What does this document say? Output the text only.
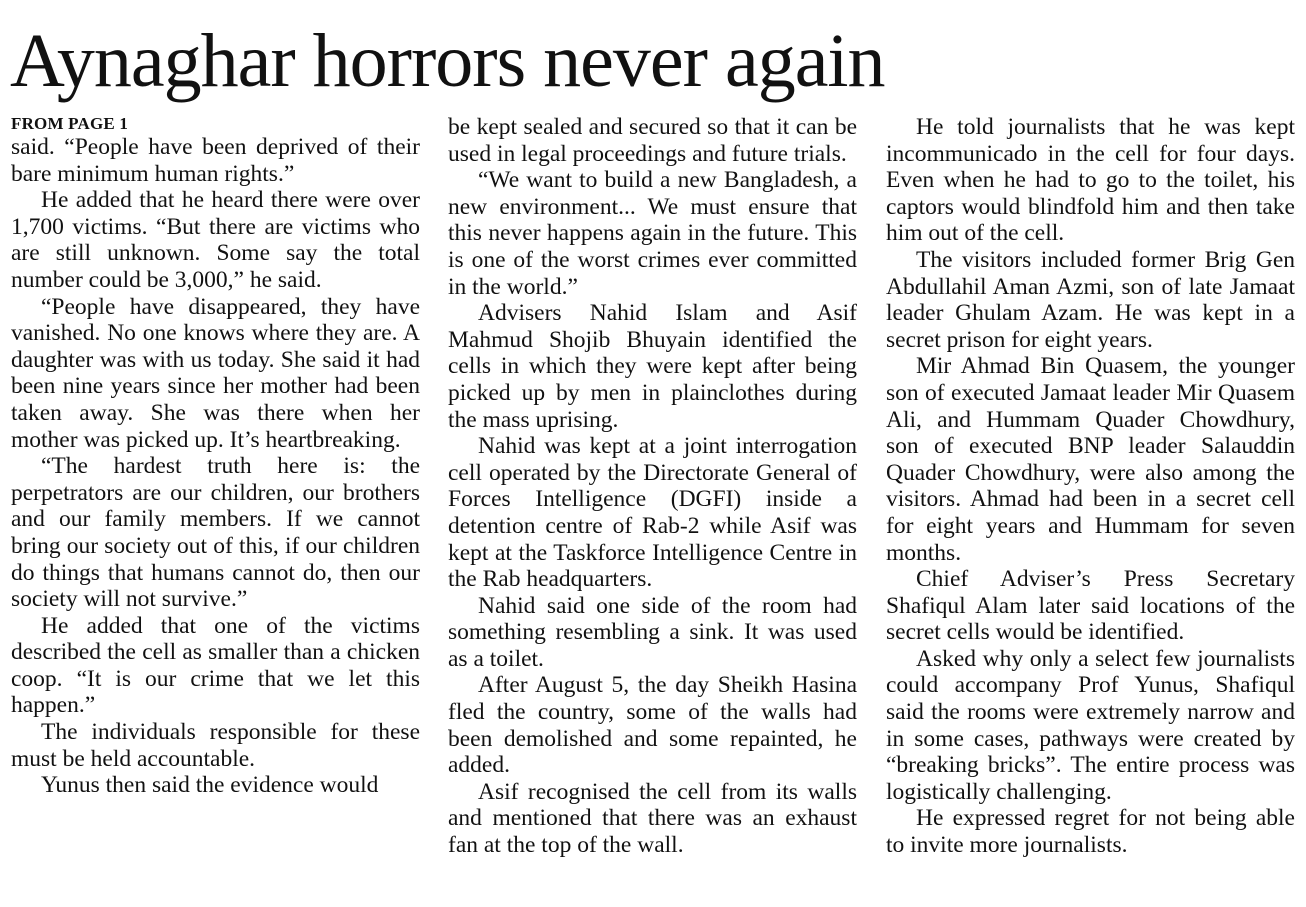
Aynaghar horrors never again
FROM PAGE 1

said. “People have been deprived of their bare minimum human rights.”

He added that he heard there were over 1,700 victims. “But there are victims who are still unknown. Some say the total number could be 3,000,” he said.

“People have disappeared, they have vanished. No one knows where they are. A daughter was with us today. She said it had been nine years since her mother had been taken away. She was there when her mother was picked up. It’s heartbreaking.

“The hardest truth here is: the perpetrators are our children, our brothers and our family members. If we cannot bring our society out of this, if our children do things that humans cannot do, then our society will not survive.”

He added that one of the victims described the cell as smaller than a chicken coop. “It is our crime that we let this happen.”

The individuals responsible for these must be held accountable.

Yunus then said the evidence would

be kept sealed and secured so that it can be used in legal proceedings and future trials.

“We want to build a new Bangladesh, a new environment... We must ensure that this never happens again in the future. This is one of the worst crimes ever committed in the world.”

Advisers Nahid Islam and Asif Mahmud Shojib Bhuyain identified the cells in which they were kept after being picked up by men in plainclothes during the mass uprising.

Nahid was kept at a joint interrogation cell operated by the Directorate General of Forces Intelligence (DGFI) inside a detention centre of Rab-2 while Asif was kept at the Taskforce Intelligence Centre in the Rab headquarters.

Nahid said one side of the room had something resembling a sink. It was used as a toilet.

After August 5, the day Sheikh Hasina fled the country, some of the walls had been demolished and some repainted, he added.

Asif recognised the cell from its walls and mentioned that there was an exhaust fan at the top of the wall.

He told journalists that he was kept incommunicado in the cell for four days. Even when he had to go to the toilet, his captors would blindfold him and then take him out of the cell.

The visitors included former Brig Gen Abdullahil Aman Azmi, son of late Jamaat leader Ghulam Azam. He was kept in a secret prison for eight years.

Mir Ahmad Bin Quasem, the younger son of executed Jamaat leader Mir Quasem Ali, and Hummam Quader Chowdhury, son of executed BNP leader Salauddin Quader Chowdhury, were also among the visitors. Ahmad had been in a secret cell for eight years and Hummam for seven months.

Chief Adviser’s Press Secretary Shafiqul Alam later said locations of the secret cells would be identified.

Asked why only a select few journalists could accompany Prof Yunus, Shafiqul said the rooms were extremely narrow and in some cases, pathways were created by “breaking bricks”. The entire process was logistically challenging.

He expressed regret for not being able to invite more journalists.
